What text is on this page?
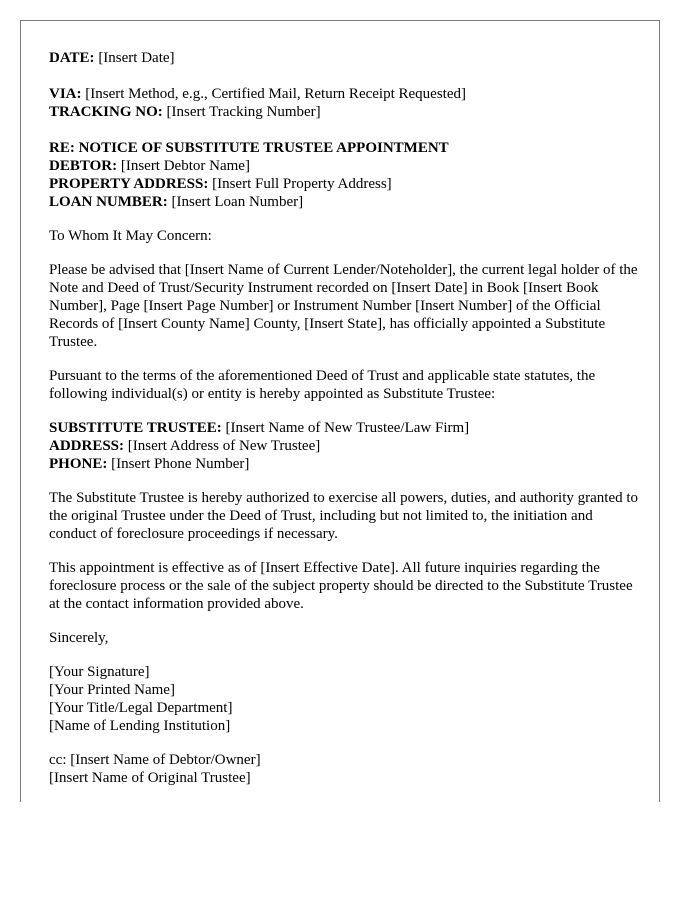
DATE: [Insert Date]
VIA: [Insert Method, e.g., Certified Mail, Return Receipt Requested]
TRACKING NO: [Insert Tracking Number]
RE: NOTICE OF SUBSTITUTE TRUSTEE APPOINTMENT
DEBTOR: [Insert Debtor Name]
PROPERTY ADDRESS: [Insert Full Property Address]
LOAN NUMBER: [Insert Loan Number]
To Whom It May Concern:
Please be advised that [Insert Name of Current Lender/Noteholder], the current legal holder of the Note and Deed of Trust/Security Instrument recorded on [Insert Date] in Book [Insert Book Number], Page [Insert Page Number] or Instrument Number [Insert Number] of the Official Records of [Insert County Name] County, [Insert State], has officially appointed a Substitute Trustee.
Pursuant to the terms of the aforementioned Deed of Trust and applicable state statutes, the following individual(s) or entity is hereby appointed as Substitute Trustee:
SUBSTITUTE TRUSTEE: [Insert Name of New Trustee/Law Firm]
ADDRESS: [Insert Address of New Trustee]
PHONE: [Insert Phone Number]
The Substitute Trustee is hereby authorized to exercise all powers, duties, and authority granted to the original Trustee under the Deed of Trust, including but not limited to, the initiation and conduct of foreclosure proceedings if necessary.
This appointment is effective as of [Insert Effective Date]. All future inquiries regarding the foreclosure process or the sale of the subject property should be directed to the Substitute Trustee at the contact information provided above.
Sincerely,
[Your Signature]
[Your Printed Name]
[Your Title/Legal Department]
[Name of Lending Institution]
cc: [Insert Name of Debtor/Owner]
[Insert Name of Original Trustee]
